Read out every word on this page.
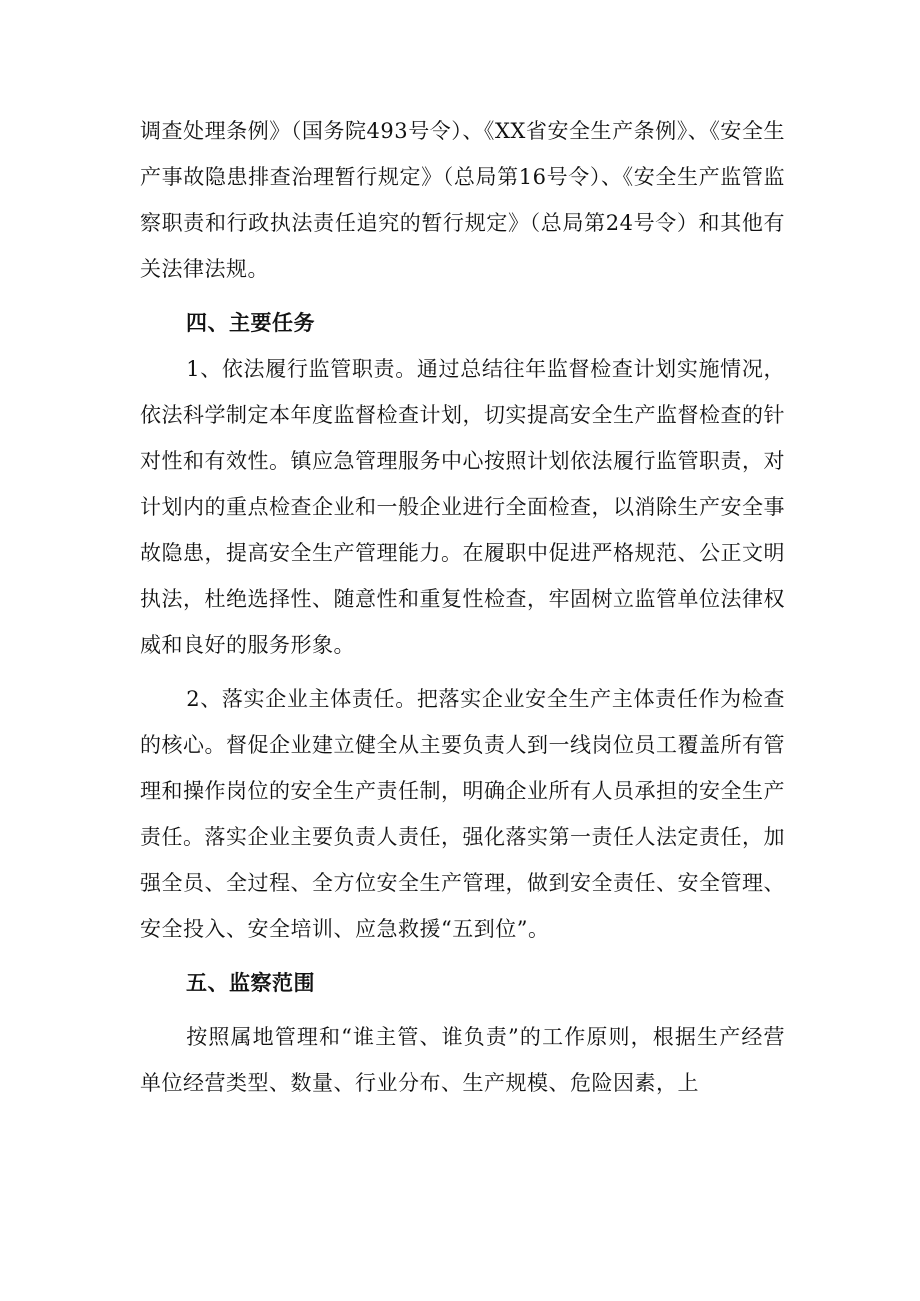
调查处理条例》（国务院493号令）、《XX省安全生产条例》、《安全生产事故隐患排查治理暂行规定》（总局第16号令）、《安全生产监管监察职责和行政执法责任追究的暂行规定》（总局第24号令）和其他有关法律法规。

四、主要任务

1、依法履行监管职责。通过总结往年监督检查计划实施情况，依法科学制定本年度监督检查计划，切实提高安全生产监督检查的针对性和有效性。镇应急管理服务中心按照计划依法履行监管职责，对计划内的重点检查企业和一般企业进行全面检查，以消除生产安全事故隐患，提高安全生产管理能力。在履职中促进严格规范、公正文明执法，杜绝选择性、随意性和重复性检查，牢固树立监管单位法律权威和良好的服务形象。

2、落实企业主体责任。把落实企业安全生产主体责任作为检查的核心。督促企业建立健全从主要负责人到一线岗位员工覆盖所有管理和操作岗位的安全生产责任制，明确企业所有人员承担的安全生产责任。落实企业主要负责人责任，强化落实第一责任人法定责任，加强全员、全过程、全方位安全生产管理，做到安全责任、安全管理、安全投入、安全培训、应急救援“五到位”。

五、监察范围

按照属地管理和“谁主管、谁负责”的工作原则，根据生产经营单位经营类型、数量、行业分布、生产规模、危险因素，上
